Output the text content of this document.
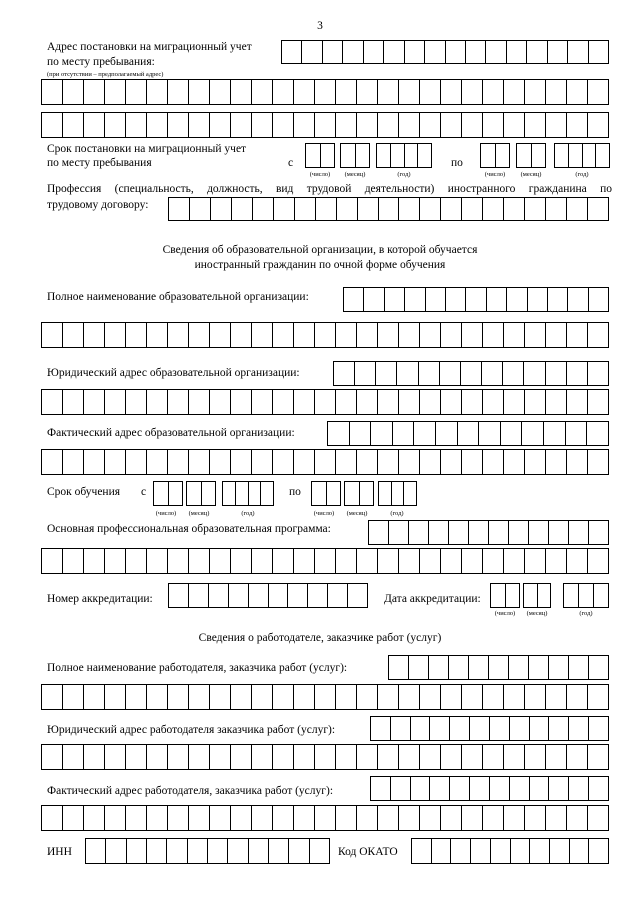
3
Адрес постановки на миграционный учет
по месту пребывания:
(при отсутствии – предполагаемый адрес)
Срок постановки на миграционный учет
по месту пребывания	с	по
(число)	(месяц)	(год)	(число)	(месяц)	(год)
Профессия (специальность, должность, вид трудовой деятельности) иностранного гражданина по
трудовому договору:
Сведения об образовательной организации, в которой обучается
иностранный гражданин по очной форме обучения
Полное наименование образовательной организации:
Юридический адрес образовательной организации:
Фактический адрес образовательной организации:
Срок обучения с	по
(число)	(месяц)	(год)	(число)	(месяц)	(год)
Основная профессиональная образовательная программа:
Номер аккредитации:	Дата аккредитации:
(число)	(месяц)	(год)
Сведения о работодателе, заказчике работ (услуг)
Полное наименование работодателя, заказчика работ (услуг):
Юридический адрес работодателя заказчика работ (услуг):
Фактический адрес работодателя, заказчика работ (услуг):
ИНН	Код ОКАТО
